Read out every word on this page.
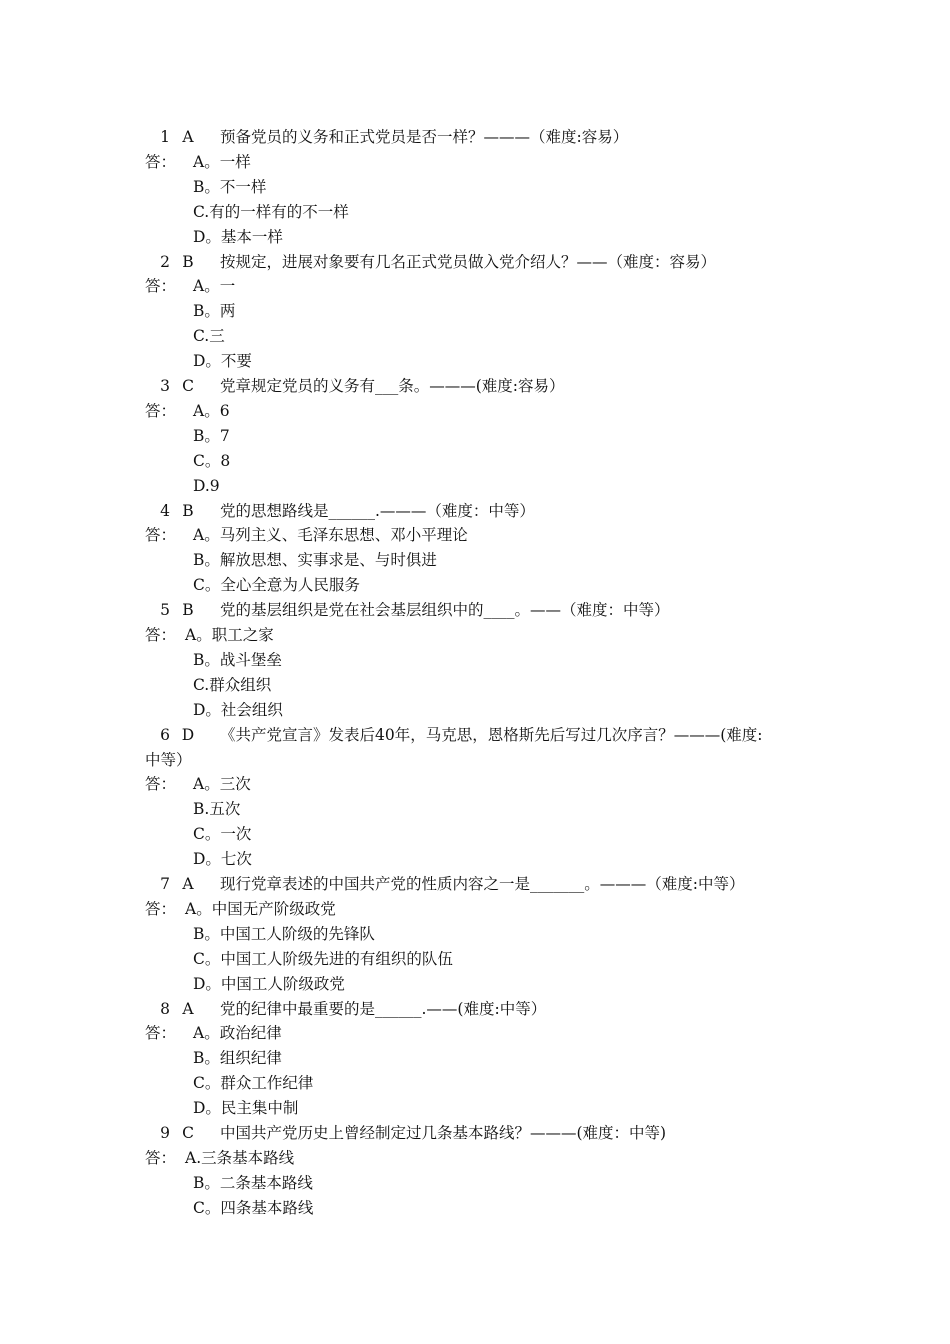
1 A	预备党员的义务和正式党员是否一样？———（难度:容易）
答： A。一样
B。不一样
C.有的一样有的不一样
D。基本一样
2 B	按规定，进展对象要有几名正式党员做入党介绍人？——（难度：容易）
答： A。一
B。两
C.三
D。不要
3 C	党章规定党员的义务有___条。———(难度:容易）
答： A。6
B。7
C。8
D.9
4 B	党的思想路线是______.———（难度：中等）
答： A。马列主义、毛泽东思想、邓小平理论
B。解放思想、实事求是、与时俱进
C。全心全意为人民服务
5 B	党的基层组织是党在社会基层组织中的____。——（难度：中等）
答： A。职工之家
B。战斗堡垒
C.群众组织
D。社会组织
6 D	《共产党宣言》发表后40年，马克思，恩格斯先后写过几次序言？———(难度:
中等）
答： A。三次
B.五次
C。一次
D。七次
7 A	现行党章表述的中国共产党的性质内容之一是_______。———（难度:中等）
答： A。中国无产阶级政党
B。中国工人阶级的先锋队
C。中国工人阶级先进的有组织的队伍
D。中国工人阶级政党
8 A	党的纪律中最重要的是______.——(难度:中等）
答： A。政治纪律
B。组织纪律
C。群众工作纪律
D。民主集中制
9 C	中国共产党历史上曾经制定过几条基本路线？———(难度：中等)
答： A.三条基本路线
B。二条基本路线
C。四条基本路线
